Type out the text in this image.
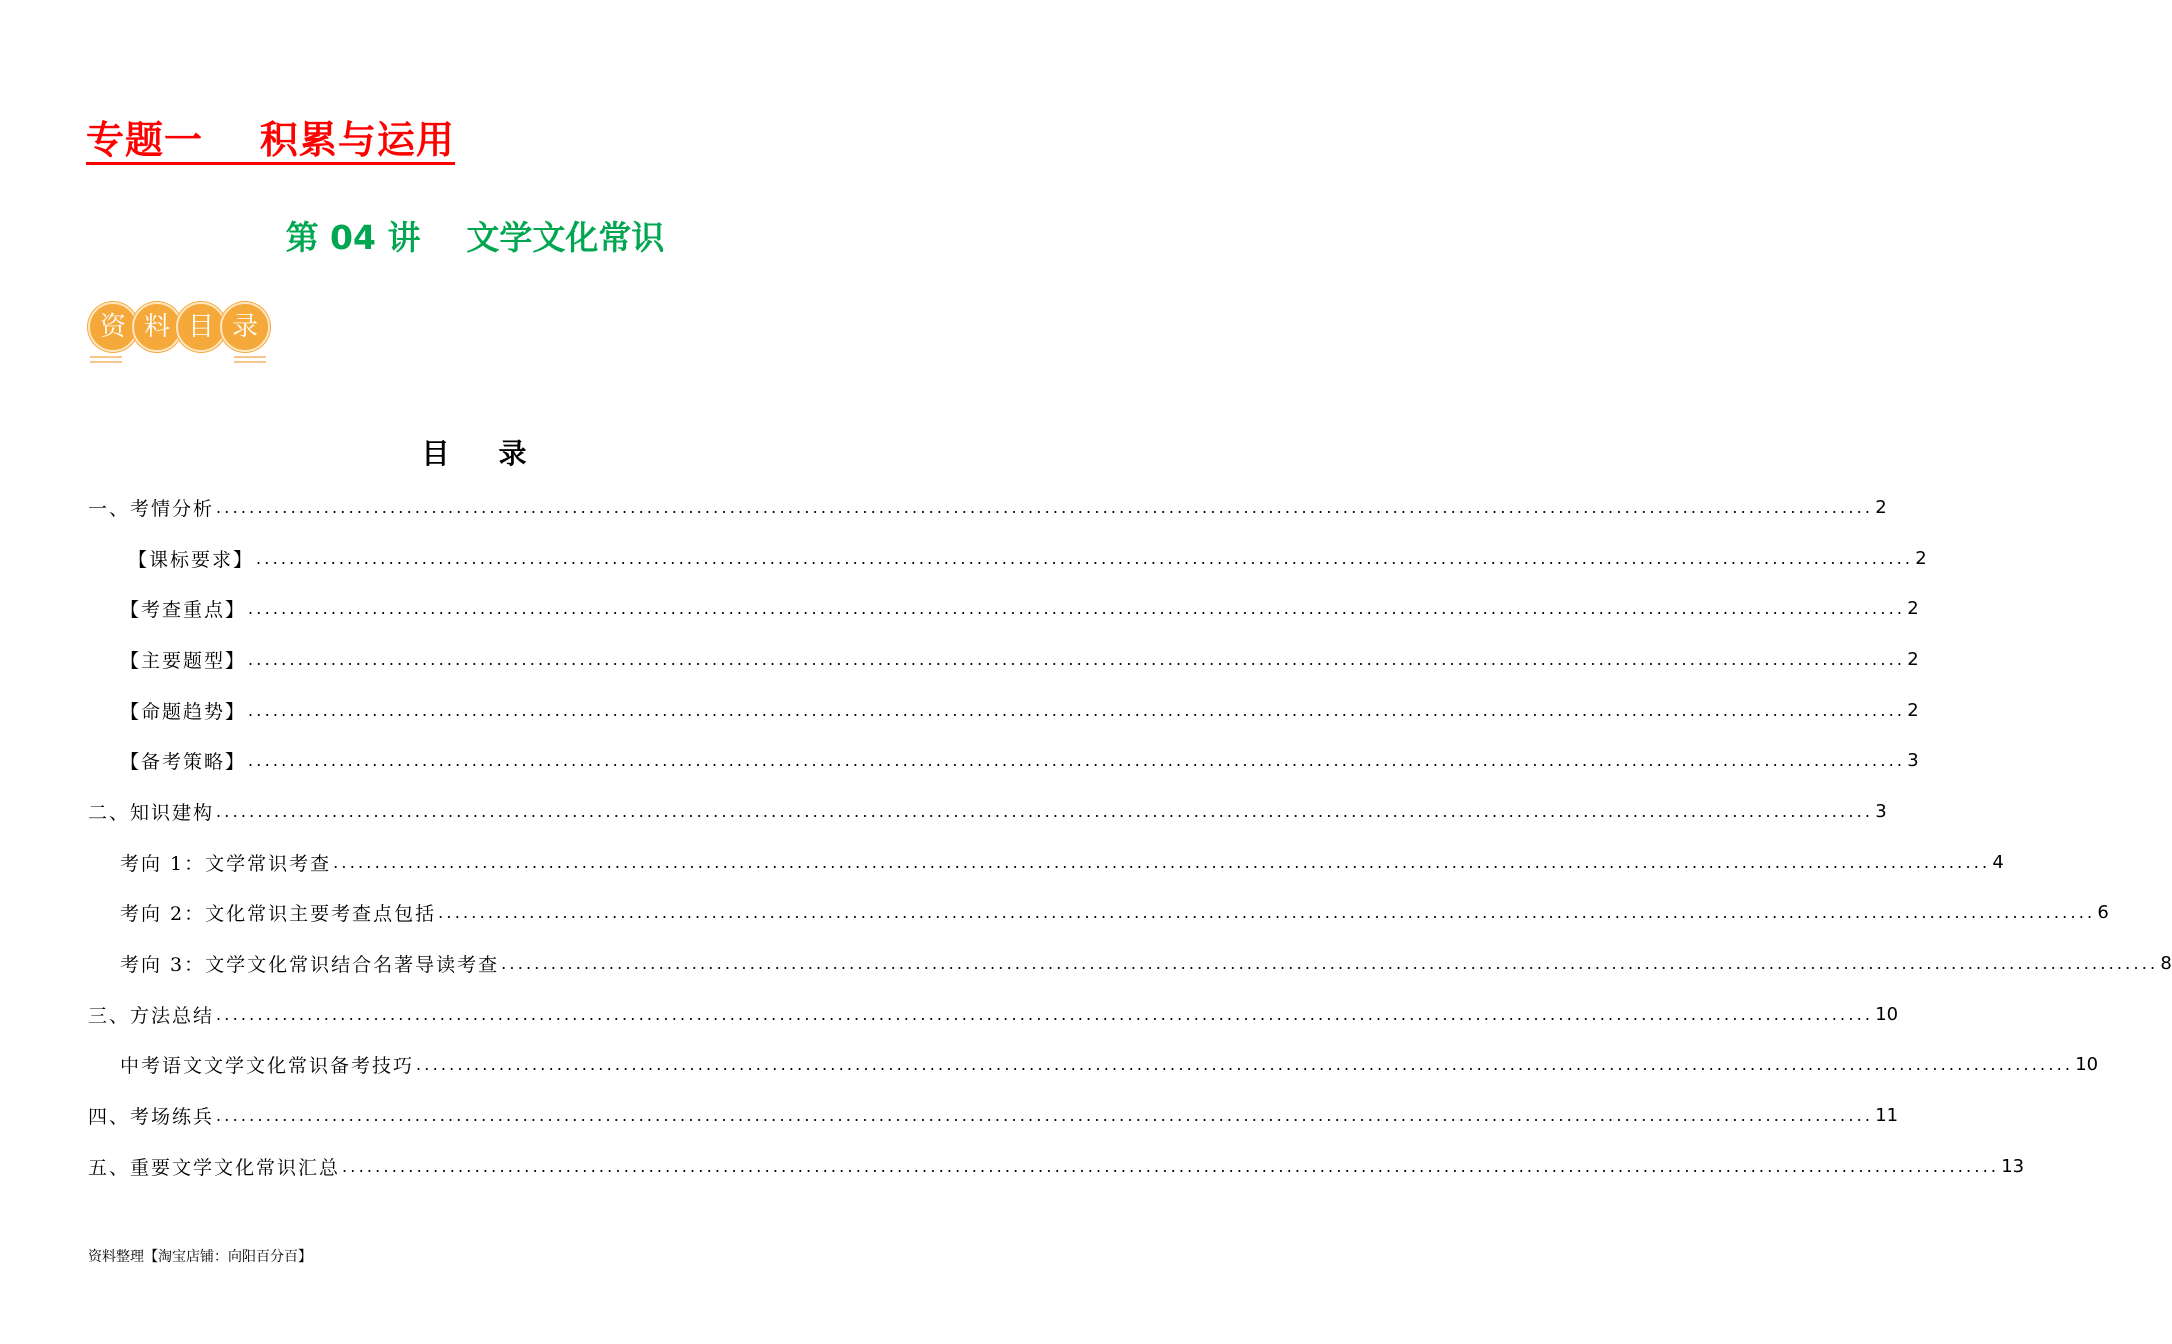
专题一    积累与运用
第 04 讲    文学文化常识
资 料 目 录
目    录
一、考情分析 ........................................................................................................................................................................................................ 2
【课标要求】 ........................................................................................................................................................................................................ 2
【考查重点】 ........................................................................................................................................................................................................ 2
【主要题型】 ........................................................................................................................................................................................................ 2
【命题趋势】 ........................................................................................................................................................................................................ 2
【备考策略】 ........................................................................................................................................................................................................ 3
二、知识建构 ........................................................................................................................................................................................................ 3
考向 1：文学常识考查 ........................................................................................................................................................................................................ 4
考向 2：文化常识主要考查点包括 ........................................................................................................................................................................................................ 6
考向 3：文学文化常识结合名著导读考查 ........................................................................................................................................................................................................ 8
三、方法总结 ........................................................................................................................................................................................................ 10
中考语文文学文化常识备考技巧 ........................................................................................................................................................................................................ 10
四、考场练兵 ........................................................................................................................................................................................................ 11
五、重要文学文化常识汇总 ........................................................................................................................................................................................................ 13
资料整理【淘宝店铺：向阳百分百】
